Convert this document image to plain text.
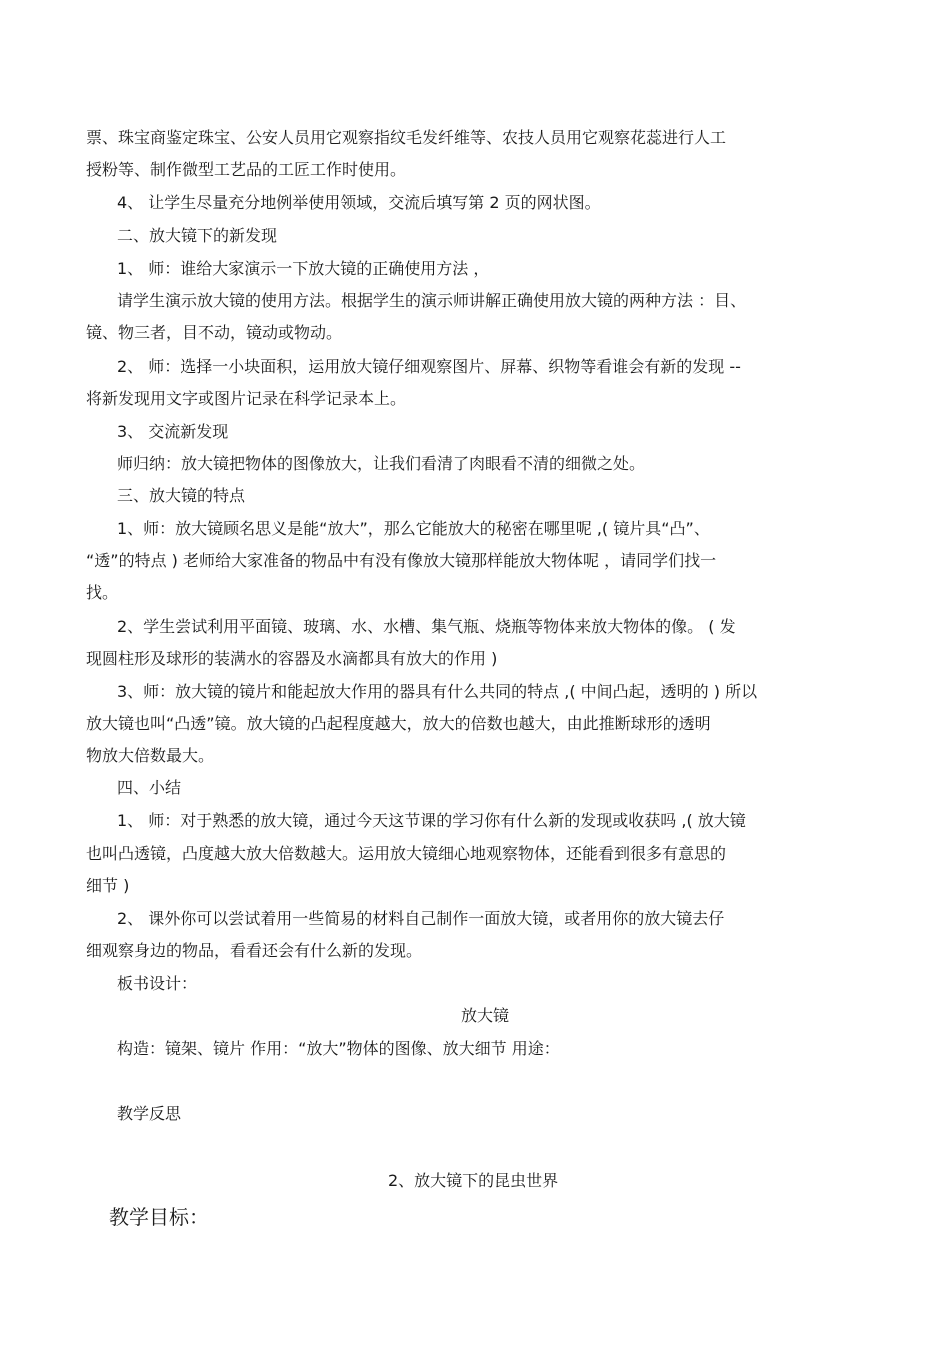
票、珠宝商鉴定珠宝、公安人员用它观察指纹毛发纤维等、农技人员用它观察花蕊进行人工
授粉等、制作微型工艺品的工匠工作时使用。
4、 让学生尽量充分地例举使用领域，交流后填写第 2 页的网状图。
二、放大镜下的新发现
1、 师：谁给大家演示一下放大镜的正确使用方法 ，
请学生演示放大镜的使用方法。根据学生的演示师讲解正确使用放大镜的两种方法 ：目、
镜、物三者，目不动，镜动或物动。
2、 师：选择一小块面积，运用放大镜仔细观察图片、屏幕、织物等看谁会有新的发现 --
将新发现用文字或图片记录在科学记录本上。
3、 交流新发现
师归纳：放大镜把物体的图像放大，让我们看清了肉眼看不清的细微之处。
三、放大镜的特点
1、师：放大镜顾名思义是能“放大”，那么它能放大的秘密在哪里呢 ,( 镜片具“凸”、
“透”的特点 ) 老师给大家准备的物品中有没有像放大镜那样能放大物体呢 ，请同学们找一
找。
2、学生尝试利用平面镜、玻璃、水、水槽、集气瓶、烧瓶等物体来放大物体的像。 ( 发
现圆柱形及球形的装满水的容器及水滴都具有放大的作用 )
3、师：放大镜的镜片和能起放大作用的器具有什么共同的特点 ,( 中间凸起，透明的 ) 所以
放大镜也叫“凸透”镜。放大镜的凸起程度越大，放大的倍数也越大，由此推断球形的透明
物放大倍数最大。
四、小结
1、 师：对于熟悉的放大镜，通过今天这节课的学习你有什么新的发现或收获吗 ,( 放大镜
也叫凸透镜，凸度越大放大倍数越大。运用放大镜细心地观察物体，还能看到很多有意思的
细节 )
2、 课外你可以尝试着用一些简易的材料自己制作一面放大镜，或者用你的放大镜去仔
细观察身边的物品，看看还会有什么新的发现。
板书设计：
放大镜
构造：镜架、镜片 作用：“放大”物体的图像、放大细节 用途：
教学反思
2、放大镜下的昆虫世界
教学目标：
